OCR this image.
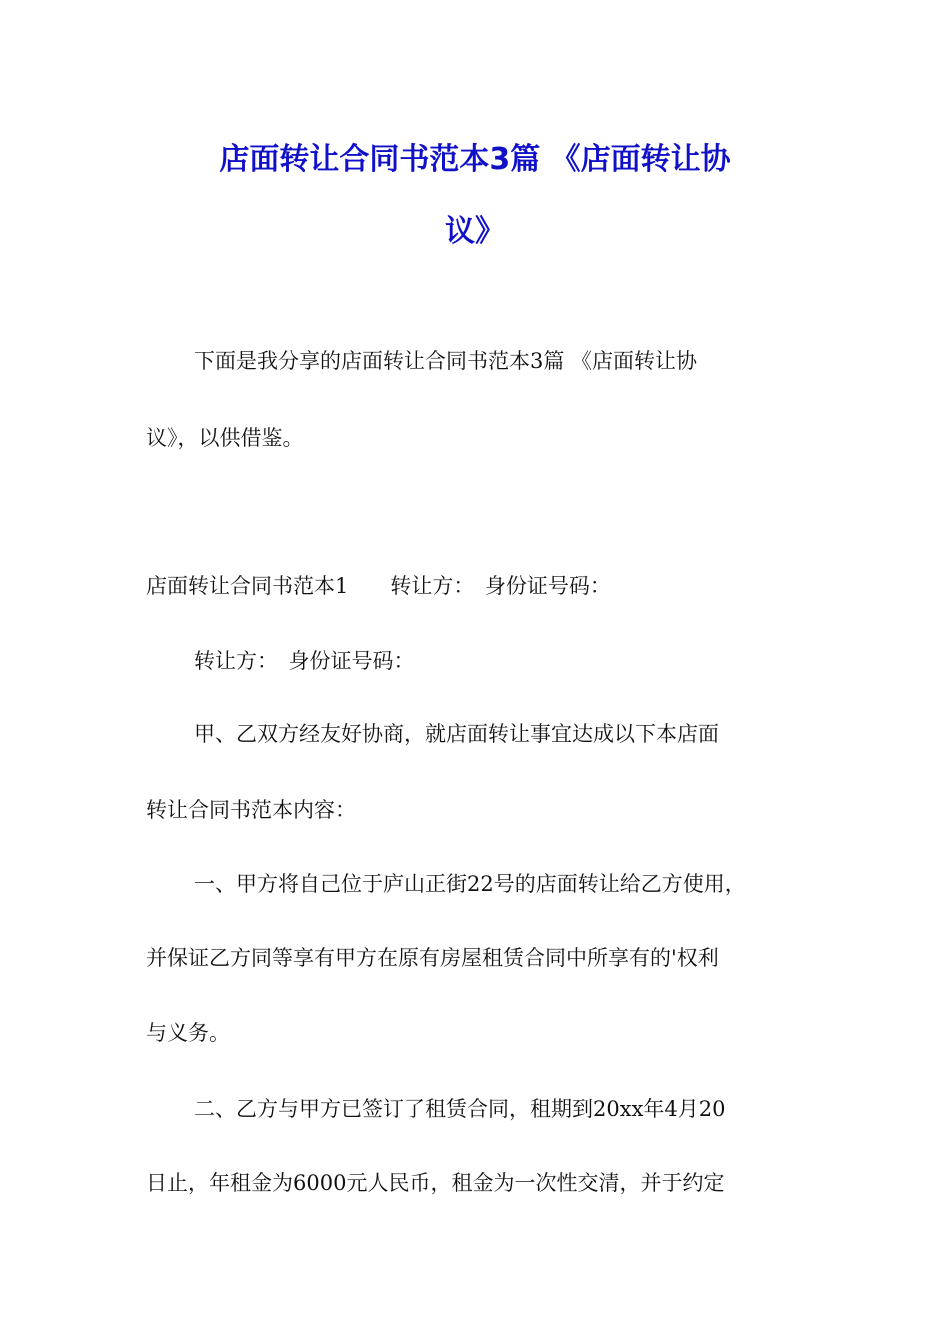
店面转让合同书范本3篇 《店面转让协
议》

下面是我分享的店面转让合同书范本3篇 《店面转让协

议》，以供借鉴。

店面转让合同书范本1　　转让方：　身份证号码：

转让方：　身份证号码：

甲、乙双方经友好协商，就店面转让事宜达成以下本店面

转让合同书范本内容：

一、甲方将自己位于庐山正街22号的店面转让给乙方使用，

并保证乙方同等享有甲方在原有房屋租赁合同中所享有的'权利

与义务。

二、乙方与甲方已签订了租赁合同，租期到20xx年4月20

日止，年租金为6000元人民币，租金为一次性交清，并于约定
